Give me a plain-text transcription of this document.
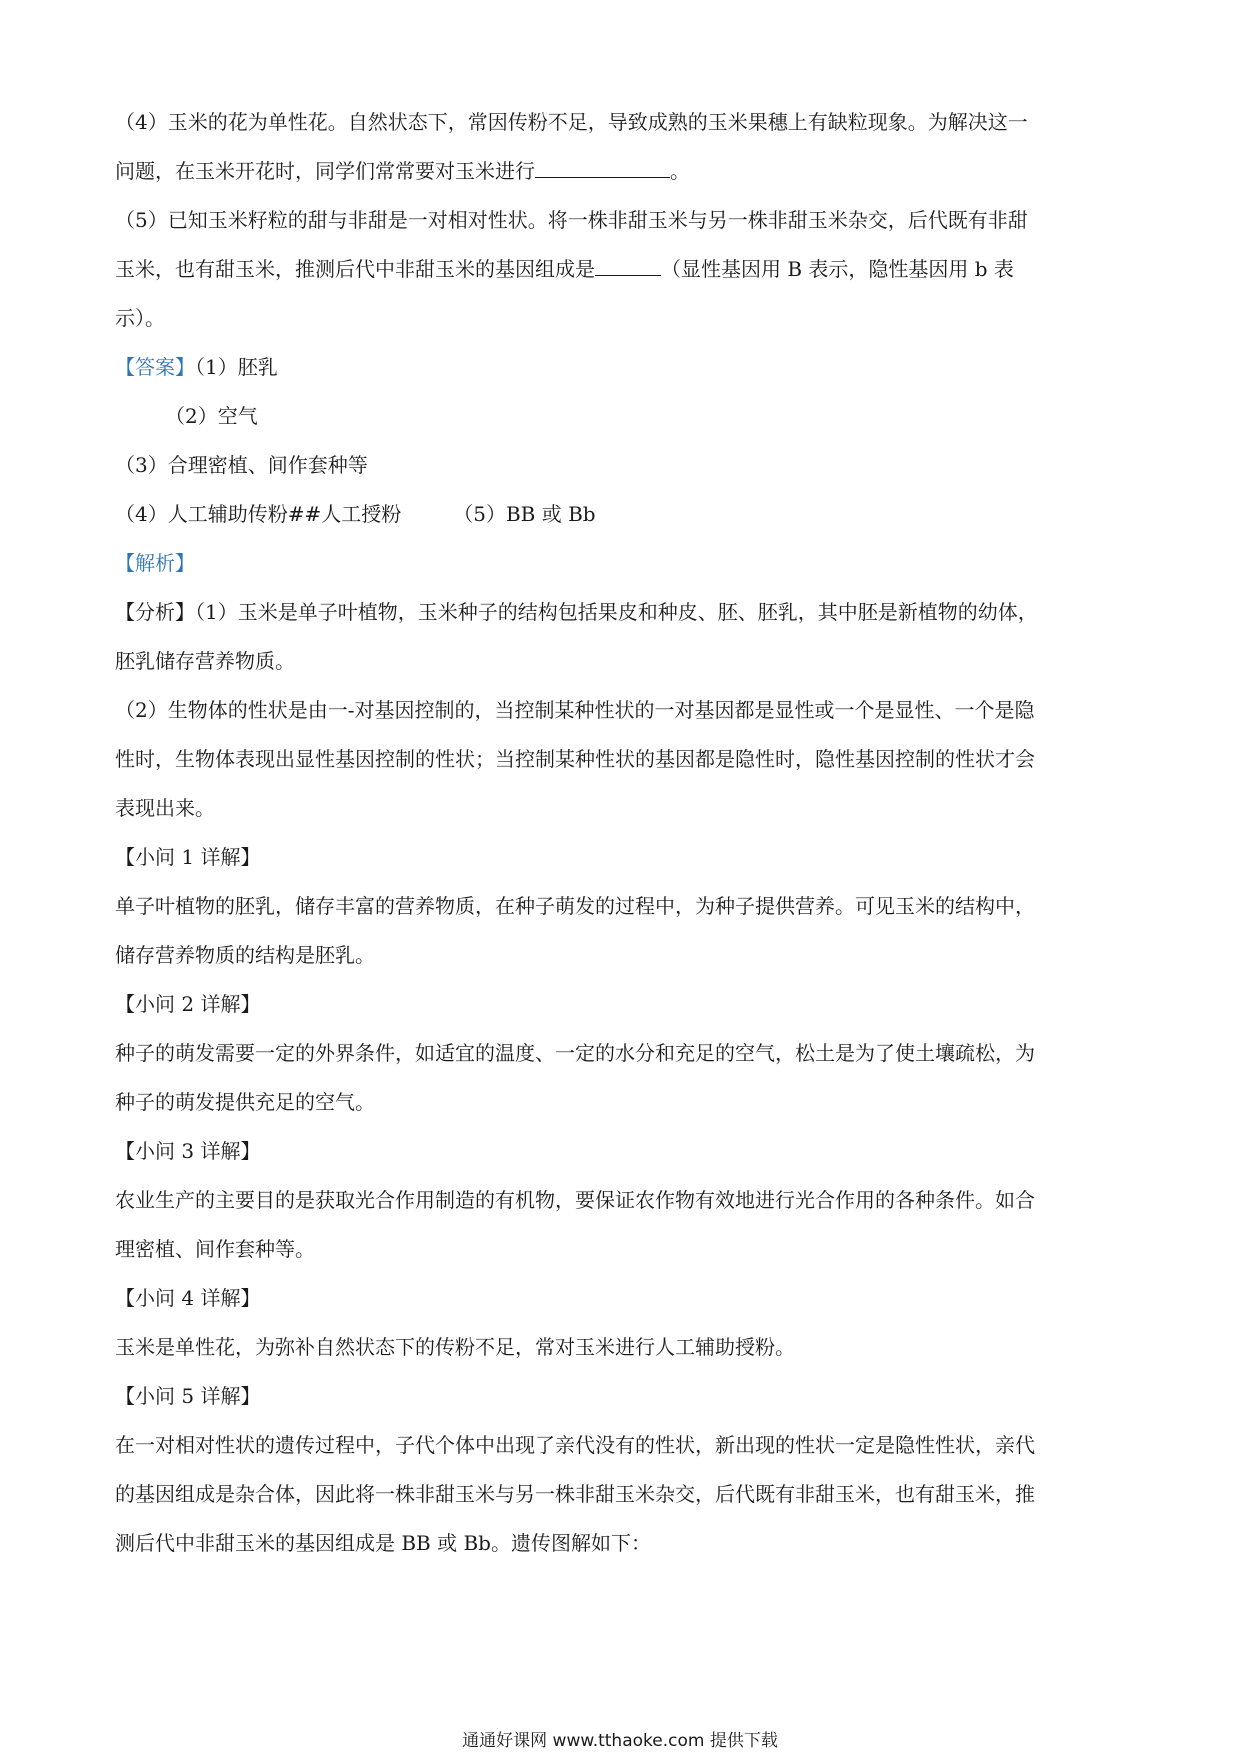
（4）玉米的花为单性花。自然状态下，常因传粉不足，导致成熟的玉米果穗上有缺粒现象。为解决这一
问题，在玉米开花时，同学们常常要对玉米进行	。

（5）已知玉米籽粒的甜与非甜是一对相对性状。将一株非甜玉米与另一株非甜玉米杂交，后代既有非甜
玉米，也有甜玉米，推测后代中非甜玉米的基因组成是	（显性基因用 B 表示，隐性基因用 b 表
示）。

【答案】（1）胚乳

（2）空气

（3）合理密植、间作套种等

（4）人工辅助传粉##人工授粉	（5）BB 或 Bb

【解析】

【分析】（1）玉米是单子叶植物，玉米种子的结构包括果皮和种皮、胚、胚乳，其中胚是新植物的幼体，
胚乳储存营养物质。

（2）生物体的性状是由一-对基因控制的，当控制某种性状的一对基因都是显性或一个是显性、一个是隐
性时，生物体表现出显性基因控制的性状；当控制某种性状的基因都是隐性时，隐性基因控制的性状才会
表现出来。

【小问 1 详解】

单子叶植物的胚乳，储存丰富的营养物质，在种子萌发的过程中，为种子提供营养。可见玉米的结构中，
储存营养物质的结构是胚乳。

【小问 2 详解】

种子的萌发需要一定的外界条件，如适宜的温度、一定的水分和充足的空气，松土是为了使土壤疏松，为
种子的萌发提供充足的空气。

【小问 3 详解】

农业生产的主要目的是获取光合作用制造的有机物，要保证农作物有效地进行光合作用的各种条件。如合
理密植、间作套种等。

【小问 4 详解】

玉米是单性花，为弥补自然状态下的传粉不足，常对玉米进行人工辅助授粉。

【小问 5 详解】

在一对相对性状的遗传过程中，子代个体中出现了亲代没有的性状，新出现的性状一定是隐性性状，亲代
的基因组成是杂合体，因此将一株非甜玉米与另一株非甜玉米杂交，后代既有非甜玉米，也有甜玉米，推
测后代中非甜玉米的基因组成是 BB 或 Bb。遗传图解如下：

通通好课网 www.tthaoke.com 提供下载
